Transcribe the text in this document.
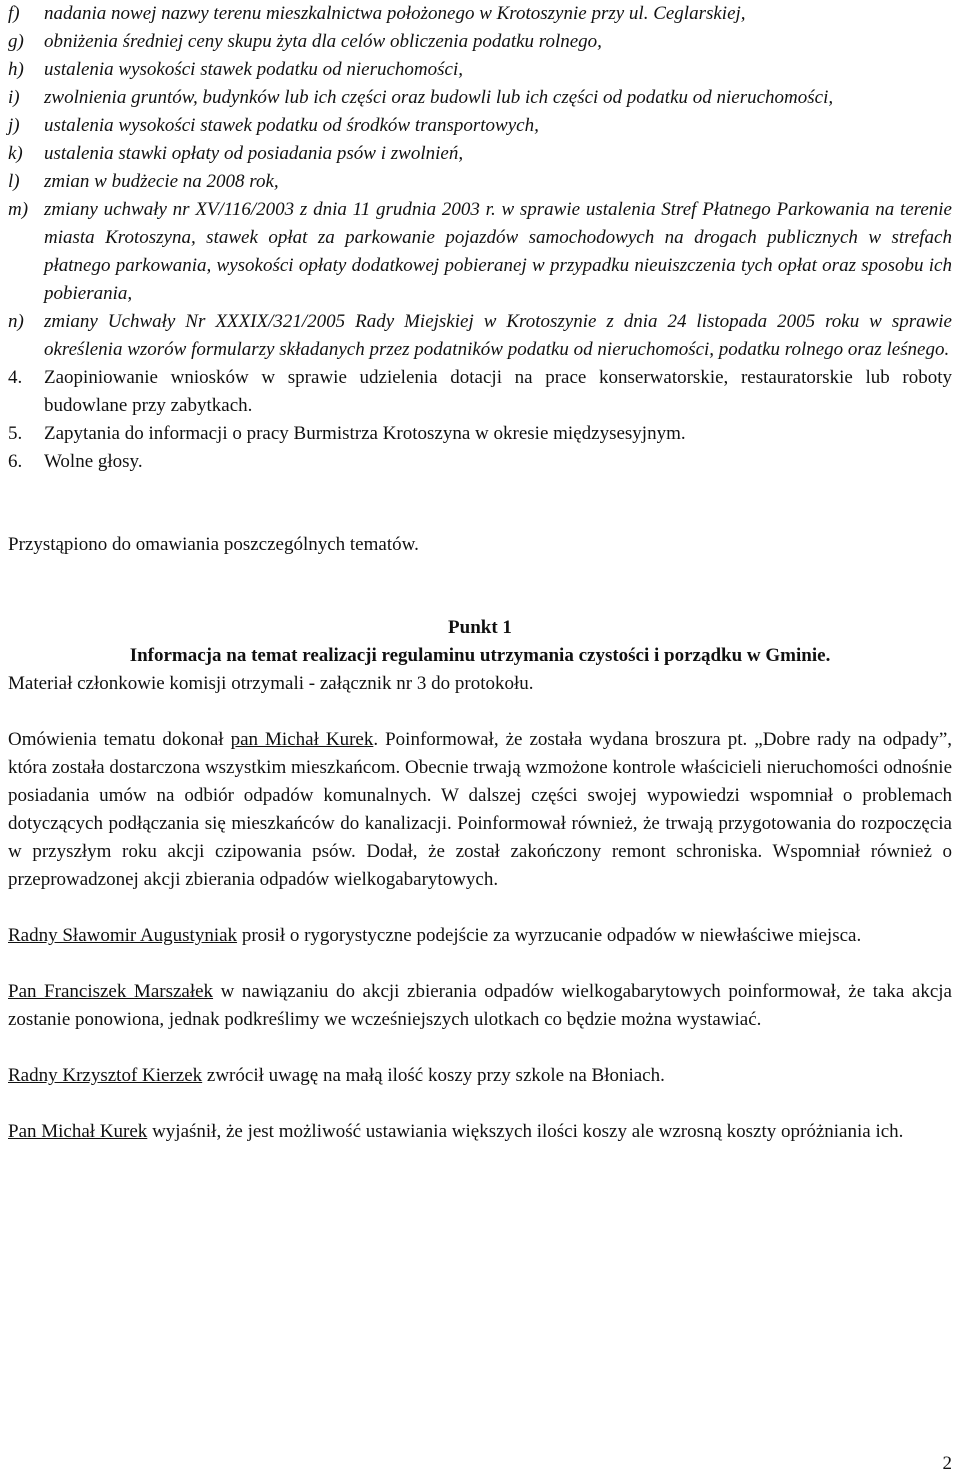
f) nadania nowej nazwy terenu mieszkalnictwa położonego w Krotoszynie przy ul. Ceglarskiej,
g) obniżenia średniej ceny skupu żyta dla celów obliczenia podatku rolnego,
h) ustalenia wysokości stawek podatku od nieruchomości,
i) zwolnienia gruntów, budynków lub ich części oraz budowli lub ich części od podatku od nieruchomości,
j) ustalenia wysokości stawek podatku od środków transportowych,
k) ustalenia stawki opłaty od posiadania psów i zwolnień,
l) zmian w budżecie na 2008 rok,
m) zmiany uchwały nr XV/116/2003 z dnia 11 grudnia 2003 r. w sprawie ustalenia Stref Płatnego Parkowania na terenie miasta Krotoszyna, stawek opłat za parkowanie pojazdów samochodowych na drogach publicznych w strefach płatnego parkowania, wysokości opłaty dodatkowej pobieranej w przypadku nieuiszczenia tych opłat oraz sposobu ich pobierania,
n) zmiany Uchwały Nr XXXIX/321/2005 Rady Miejskiej w Krotoszynie z dnia 24 listopada 2005 roku w sprawie określenia wzorów formularzy składanych przez podatników podatku od nieruchomości, podatku rolnego oraz leśnego.
4. Zaopiniowanie wniosków w sprawie udzielenia dotacji na prace konserwatorskie, restauratorskie lub roboty budowlane przy zabytkach.
5. Zapytania do informacji o pracy Burmistrza Krotoszyna w okresie międzysesyjnym.
6. Wolne głosy.

Przystąpiono do omawiania poszczególnych tematów.

Punkt 1
Informacja na temat realizacji regulaminu utrzymania czystości i porządku w Gminie.

Materiał członkowie komisji otrzymali - załącznik nr 3 do protokołu.

Omówienia tematu dokonał pan Michał Kurek. Poinformował, że została wydana broszura pt. „Dobre rady na odpady”, która została dostarczona wszystkim mieszkańcom. Obecnie trwają wzmożone kontrole właścicieli nieruchomości odnośnie posiadania umów na odbiór odpadów komunalnych. W dalszej części swojej wypowiedzi wspomniał o problemach dotyczących podłączania się mieszkańców do kanalizacji. Poinformował również, że trwają przygotowania do rozpoczęcia w przyszłym roku akcji czipowania psów. Dodał, że został zakończony remont schroniska. Wspomniał również o przeprowadzonej akcji zbierania odpadów wielkogabarytowych.

Radny Sławomir Augustyniak prosił o rygorystyczne podejście za wyrzucanie odpadów w niewłaściwe miejsca.

Pan Franciszek Marszałek w nawiązaniu do akcji zbierania odpadów wielkogabarytowych poinformował, że taka akcja zostanie ponowiona, jednak podkreślimy we wcześniejszych ulotkach co będzie można wystawiać.

Radny Krzysztof Kierzek zwrócił uwagę na małą ilość koszy przy szkole na Błoniach.

Pan Michał Kurek wyjaśnił, że jest możliwość ustawiania większych ilości koszy ale wzrosną koszty opróżniania ich.

2
